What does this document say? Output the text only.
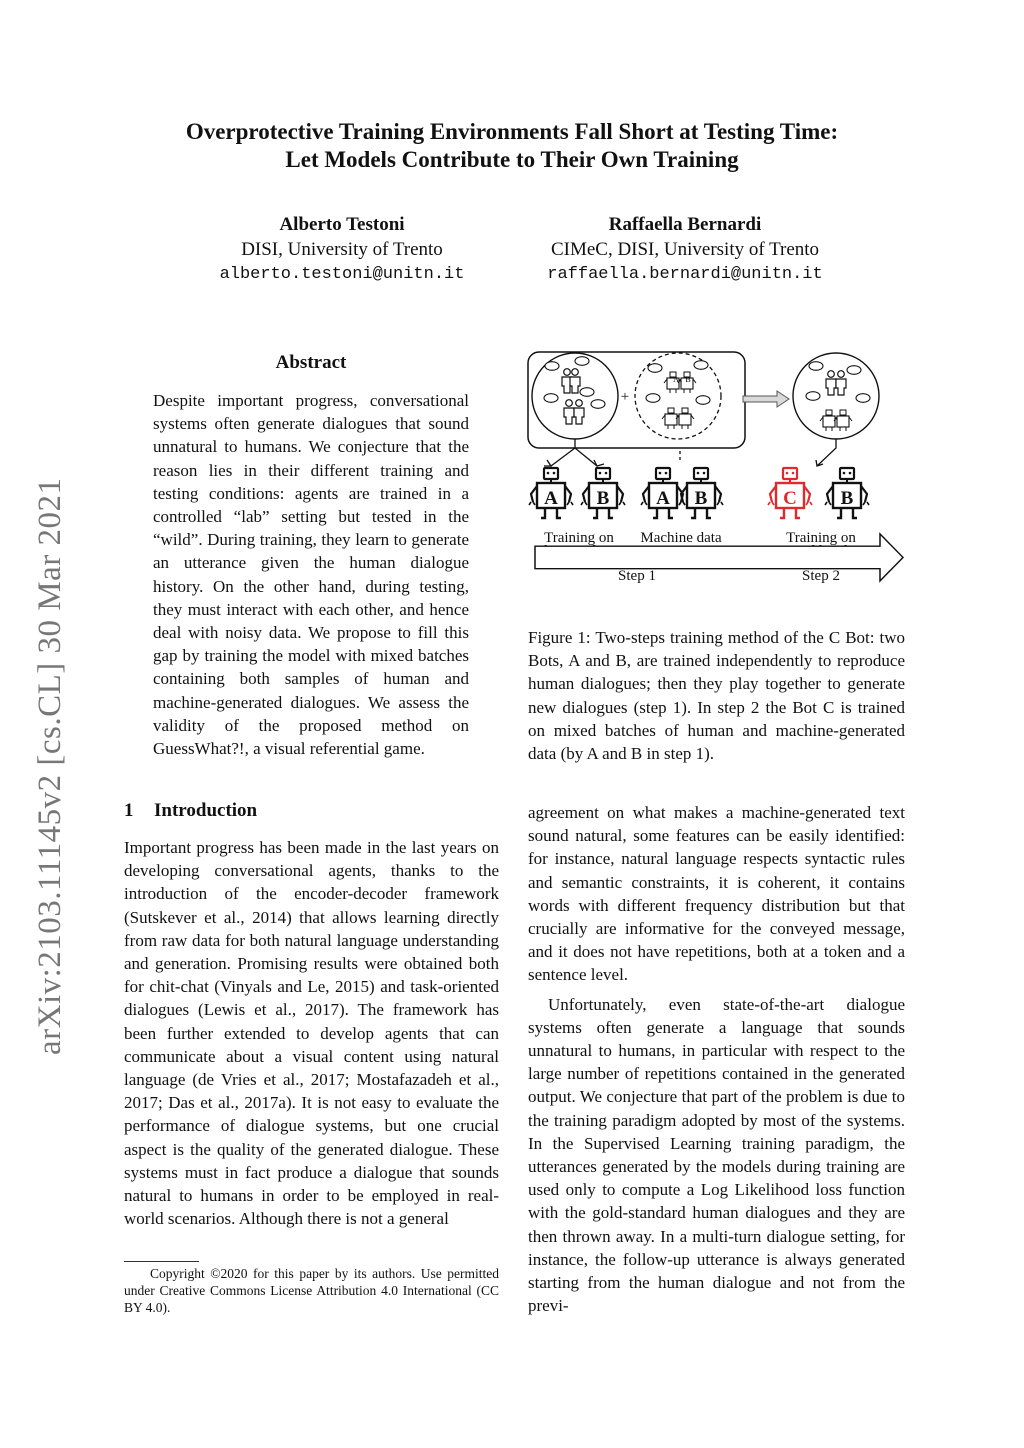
Overprotective Training Environments Fall Short at Testing Time:
Let Models Contribute to Their Own Training
Alberto Testoni
DISI, University of Trento
alberto.testoni@unitn.it
Raffaella Bernardi
CIMeC, DISI, University of Trento
raffaella.bernardi@unitn.it
arXiv:2103.11145v2 [cs.CL] 30 Mar 2021
Abstract
Despite important progress, conversational systems often generate dialogues that sound unnatural to humans. We conjecture that the reason lies in their different training and testing conditions: agents are trained in a controlled “lab” setting but tested in the “wild”. During training, they learn to generate an utterance given the human dialogue history. On the other hand, during testing, they must interact with each other, and hence deal with noisy data. We propose to fill this gap by training the model with mixed batches containing both samples of human and machine-generated dialogues. We assess the validity of the proposed method on GuessWhat?!, a visual referential game.
1 Introduction
Important progress has been made in the last years on developing conversational agents, thanks to the introduction of the encoder-decoder framework (Sutskever et al., 2014) that allows learning directly from raw data for both natural language understanding and generation. Promising results were obtained both for chit-chat (Vinyals and Le, 2015) and task-oriented dialogues (Lewis et al., 2017). The framework has been further extended to develop agents that can communicate about a visual content using natural language (de Vries et al., 2017; Mostafazadeh et al., 2017; Das et al., 2017a). It is not easy to evaluate the performance of dialogue systems, but one crucial aspect is the quality of the generated dialogue. These systems must in fact produce a dialogue that sounds natural to humans in order to be employed in real-world scenarios. Although there is not a general
Copyright ©2020 for this paper by its authors. Use permitted under Creative Commons License Attribution 4.0 International (CC BY 4.0).
+
A B A B	C B
A B
Training on Machine data	Training on
Step 1	Step 2
Figure 1: Two-steps training method of the C Bot: two Bots, A and B, are trained independently to reproduce human dialogues; then they play together to generate new dialogues (step 1). In step 2 the Bot C is trained on mixed batches of human and machine-generated data (by A and B in step 1).

agreement on what makes a machine-generated text sound natural, some features can be easily identified: for instance, natural language respects syntactic rules and semantic constraints, it is coherent, it contains words with different frequency distribution but that crucially are informative for the conveyed message, and it does not have repetitions, both at a token and a sentence level.

Unfortunately, even state-of-the-art dialogue systems often generate a language that sounds unnatural to humans, in particular with respect to the large number of repetitions contained in the generated output. We conjecture that part of the problem is due to the training paradigm adopted by most of the systems. In the Supervised Learning training paradigm, the utterances generated by the models during training are used only to compute a Log Likelihood loss function with the gold-standard human dialogues and they are then thrown away. In a multi-turn dialogue setting, for instance, the follow-up utterance is always generated starting from the human dialogue and not from the previ-
